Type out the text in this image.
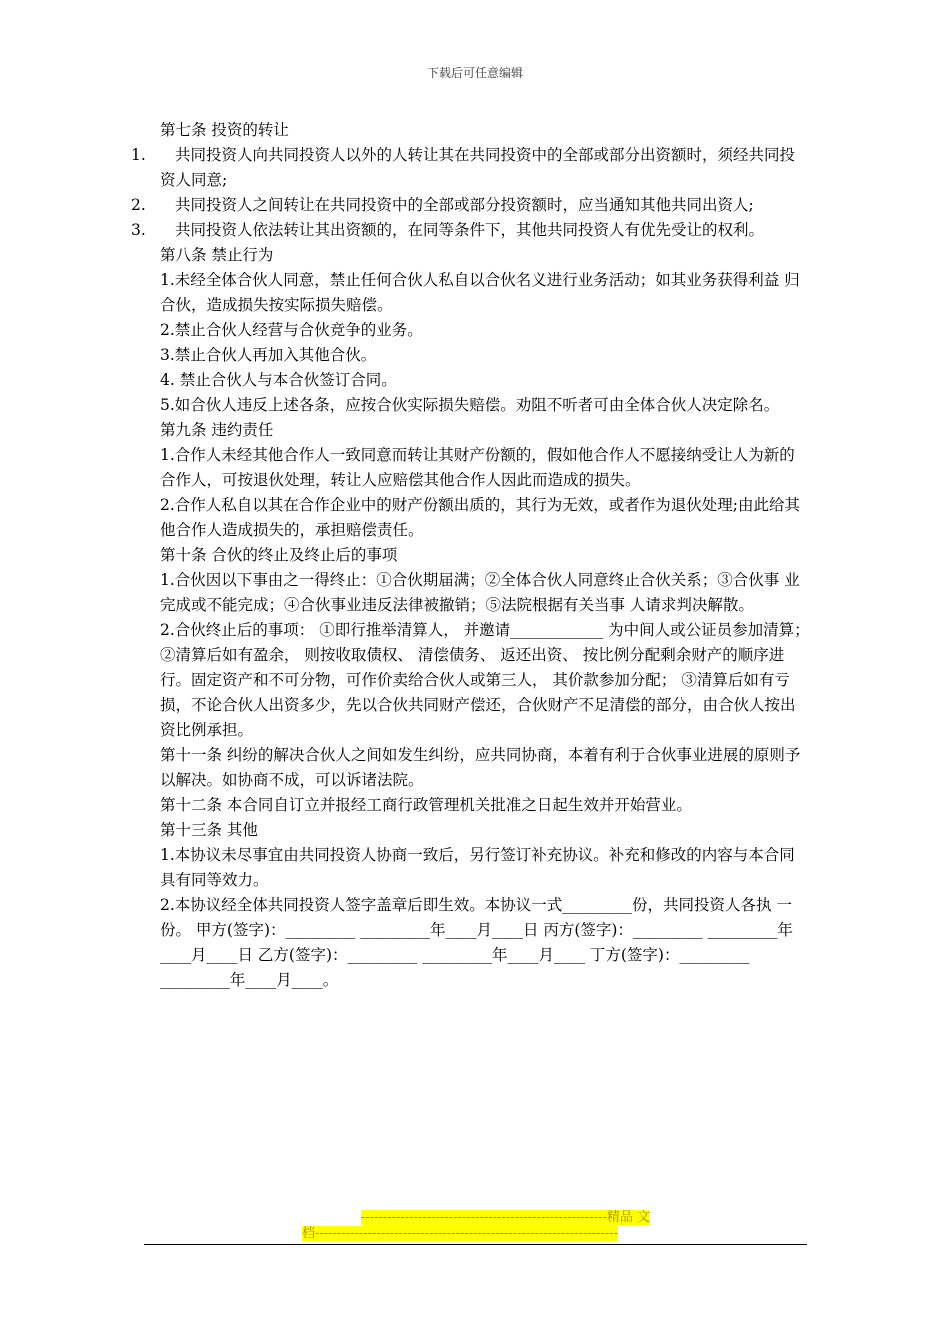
下载后可任意编辑

第七条 投资的转让

1.	共同投资人向共同投资人以外的人转让其在共同投资中的全部或部分出资额时，须经共同投资人同意;
2.	共同投资人之间转让在共同投资中的全部或部分投资额时，应当通知其他共同出资人;
3.	共同投资人依法转让其出资额的，在同等条件下，其他共同投资人有优先受让的权利。

第八条 禁止行为

1.未经全体合伙人同意，禁止任何合伙人私自以合伙名义进行业务活动；如其业务获得利益 归合伙，造成损失按实际损失赔偿。

2.禁止合伙人经营与合伙竞争的业务。

3.禁止合伙人再加入其他合伙。

4. 禁止合伙人与本合伙签订合同。

5.如合伙人违反上述各条，应按合伙实际损失赔偿。劝阻不听者可由全体合伙人决定除名。

第九条 违约责任

1.合作人未经其他合作人一致同意而转让其财产份额的，假如他合作人不愿接纳受让人为新的合作人，可按退伙处理，转让人应赔偿其他合作人因此而造成的损失。

2.合作人私自以其在合作企业中的财产份额出质的，其行为无效，或者作为退伙处理;由此给其他合作人造成损失的，承担赔偿责任。

第十条 合伙的终止及终止后的事项

1.合伙因以下事由之一得终止：①合伙期届满；②全体合伙人同意终止合伙关系；③合伙事 业完成或不能完成；④合伙事业违反法律被撤销；⑤法院根据有关当事 人请求判决解散。

2.合伙终止后的事项： ①即行推举清算人， 并邀请____________ 为中间人或公证员参加清算； ②清算后如有盈余， 则按收取债权、 清偿债务、 返还出资、 按比例分配剩余财产的顺序进行。固定资产和不可分物，可作价卖给合伙人或第三人， 其价款参加分配； ③清算后如有亏损，不论合伙人出资多少，先以合伙共同财产偿还，合伙财产不足清偿的部分，由合伙人按出资比例承担。

第十一条 纠纷的解决合伙人之间如发生纠纷，应共同协商，本着有利于合伙事业进展的原则予以解决。如协商不成，可以诉诸法院。

第十二条 本合同自订立并报经工商行政管理机关批准之日起生效并开始营业。

第十三条 其他

1.本协议未尽事宜由共同投资人协商一致后，另行签订补充协议。补充和修改的内容与本合同具有同等效力。

2.本协议经全体共同投资人签字盖章后即生效。本协议一式_________份，共同投资人各执 一份。 甲方(签字)：_________ _________年____月____日 丙方(签字)：_________ _________年____月____日 乙方(签字)：_________ _________年____月____ 丁方(签字)：_________ _________年____月____。

--------------------------------------------------------精品 文
档---------------------------------------------------------------------
